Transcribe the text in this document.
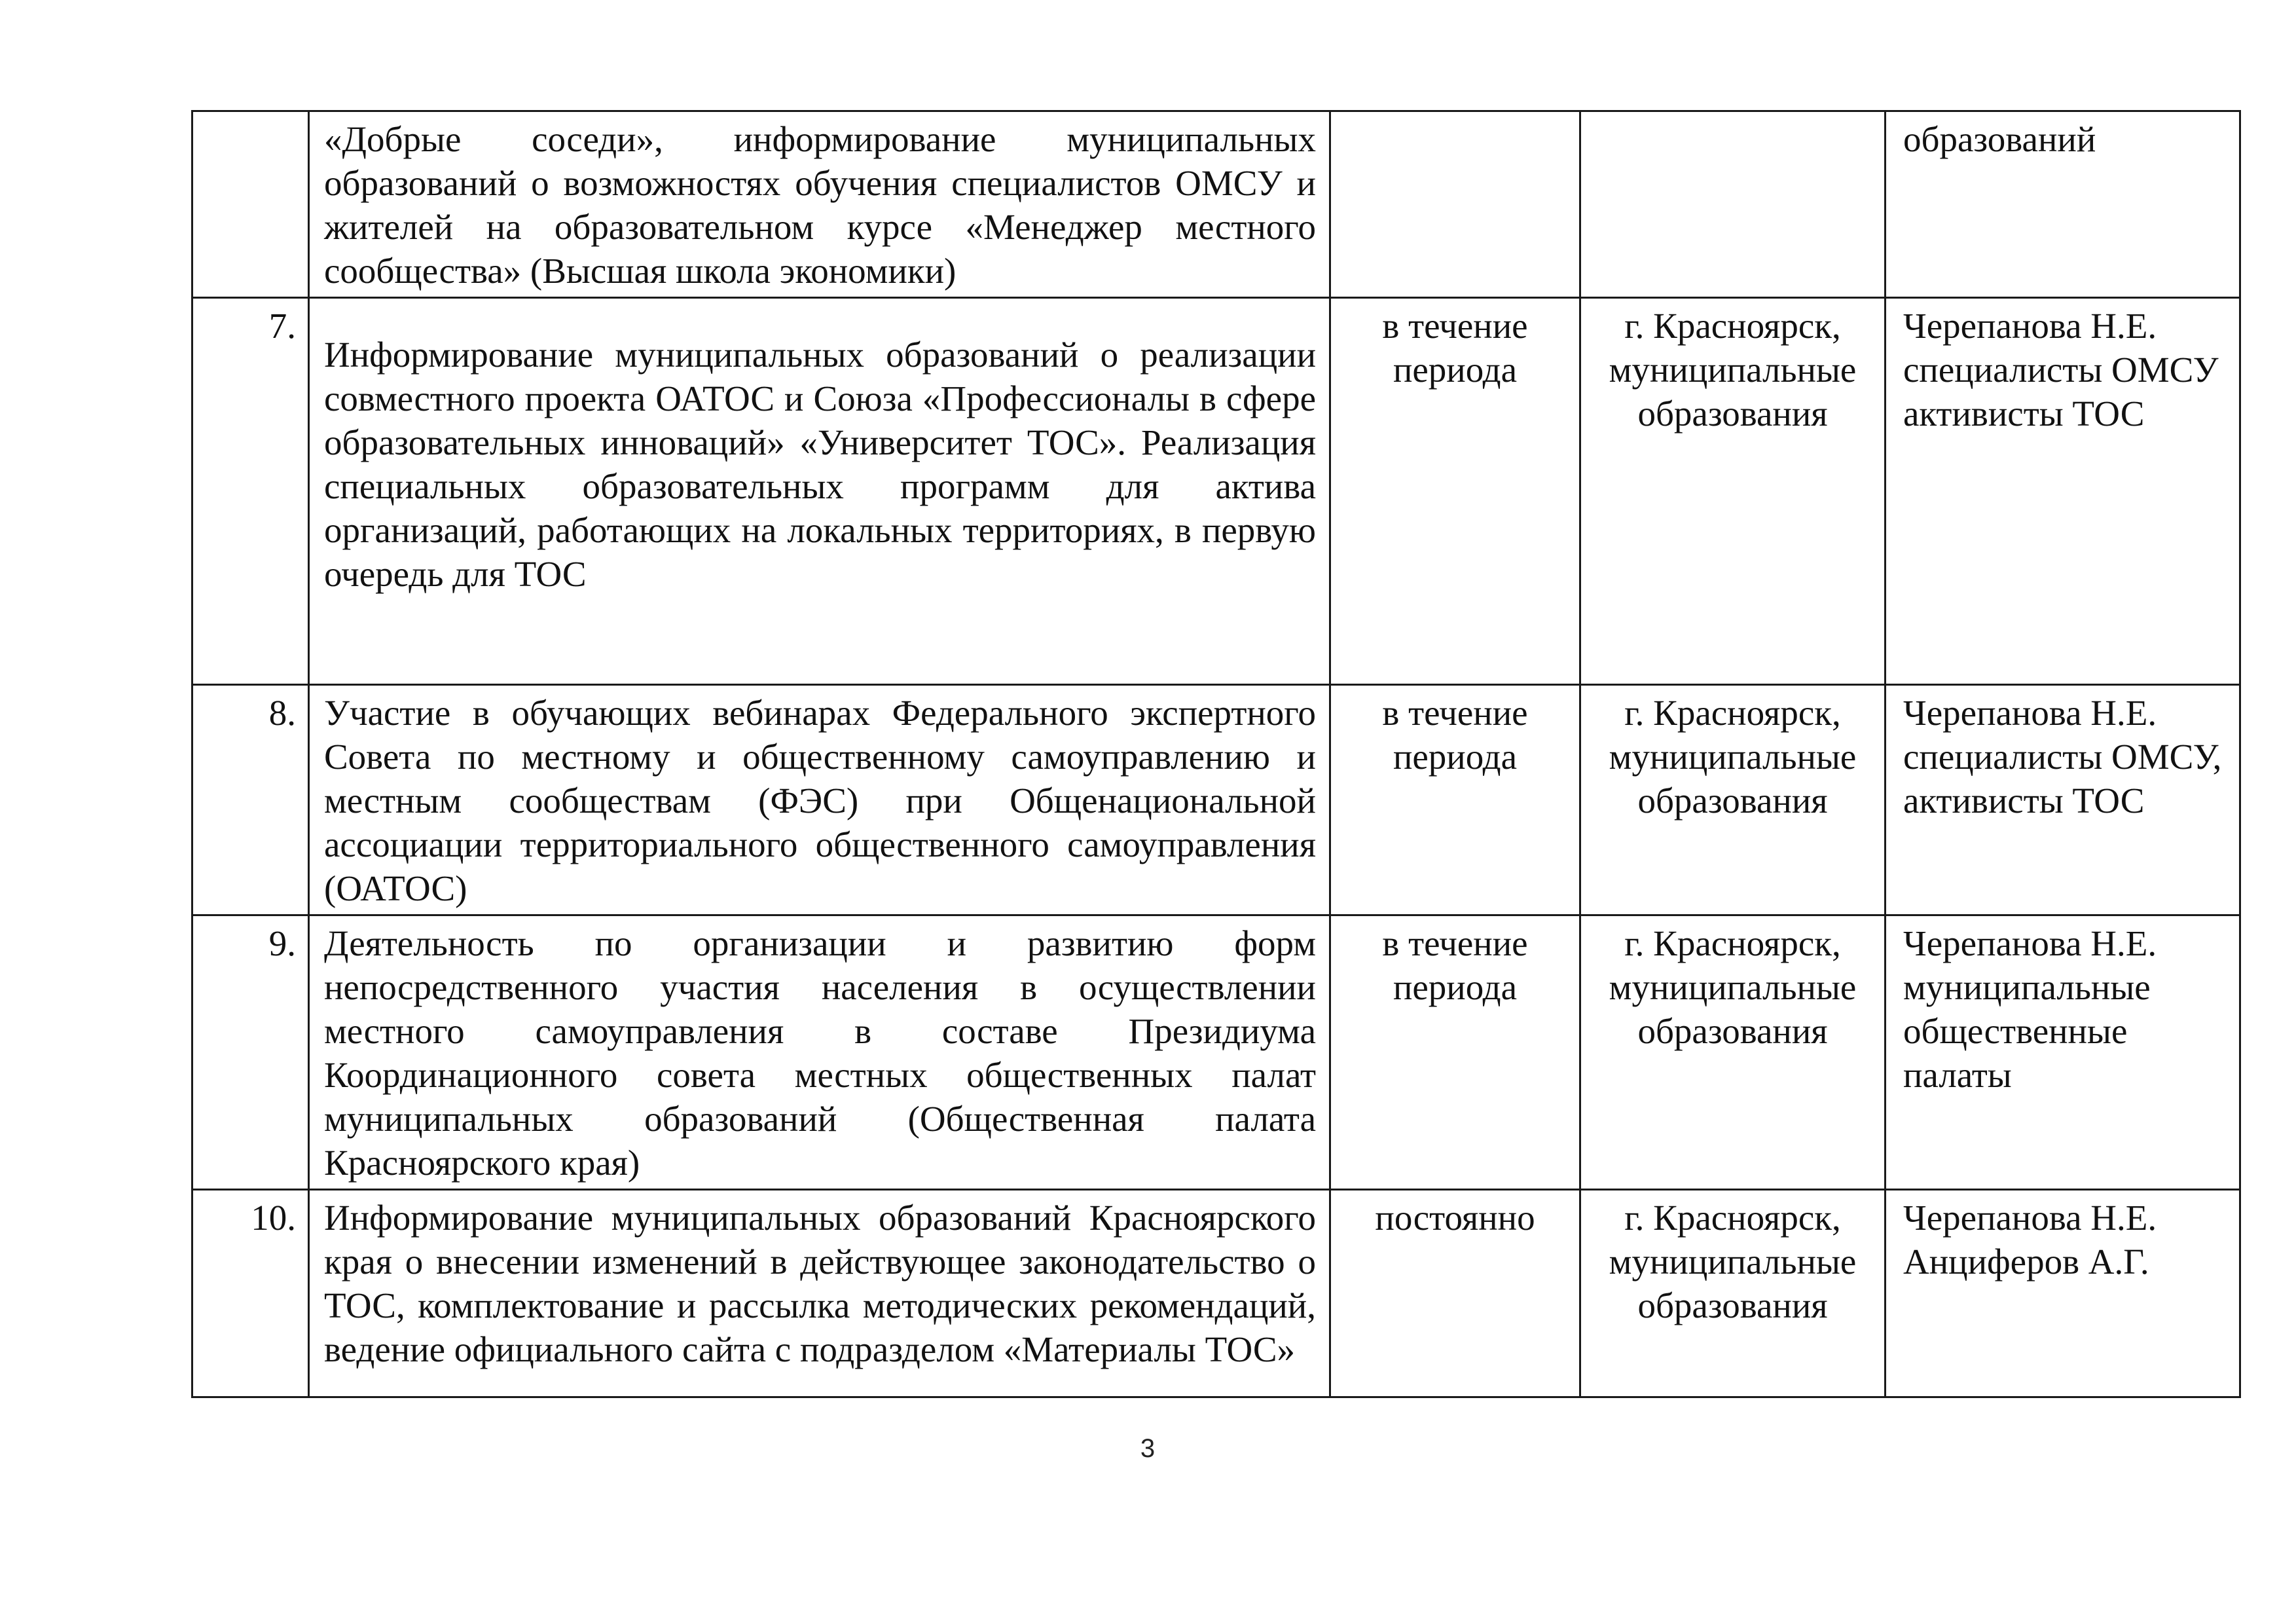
	«Добрые соседи», информирование муниципальных образований о возможностях обучения специалистов ОМСУ и жителей на образовательном курсе «Менеджер местного сообщества» (Высшая школа экономики)			образований
7.	Информирование муниципальных образований о реализации совместного проекта ОАТОС и Союза «Профессионалы в сфере образовательных инноваций» «Университет ТОС». Реализация специальных образовательных программ для актива организаций, работающих на локальных территориях, в первую очередь для ТОС	в течение периода	г. Красноярск, муниципальные образования	Черепанова Н.Е. специалисты ОМСУ активисты ТОС
8.	Участие в обучающих вебинарах Федерального экспертного Совета по местному и общественному самоуправлению и местным сообществам (ФЭС) при Общенациональной ассоциации территориального общественного самоуправления (ОАТОС)	в течение периода	г. Красноярск, муниципальные образования	Черепанова Н.Е. специалисты ОМСУ, активисты ТОС
9.	Деятельность по организации и развитию форм непосредственного участия населения в осуществлении местного самоуправления в составе Президиума Координационного совета местных общественных палат муниципальных образований (Общественная палата Красноярского края)	в течение периода	г. Красноярск, муниципальные образования	Черепанова Н.Е. муниципальные общественные палаты
10.	Информирование муниципальных образований Красноярского края о внесении изменений в действующее законодательство о ТОС, комплектование и рассылка методических рекомендаций, ведение официального сайта с подразделом «Материалы ТОС»	постоянно	г. Красноярск, муниципальные образования	Черепанова Н.Е. Анциферов А.Г.
3
